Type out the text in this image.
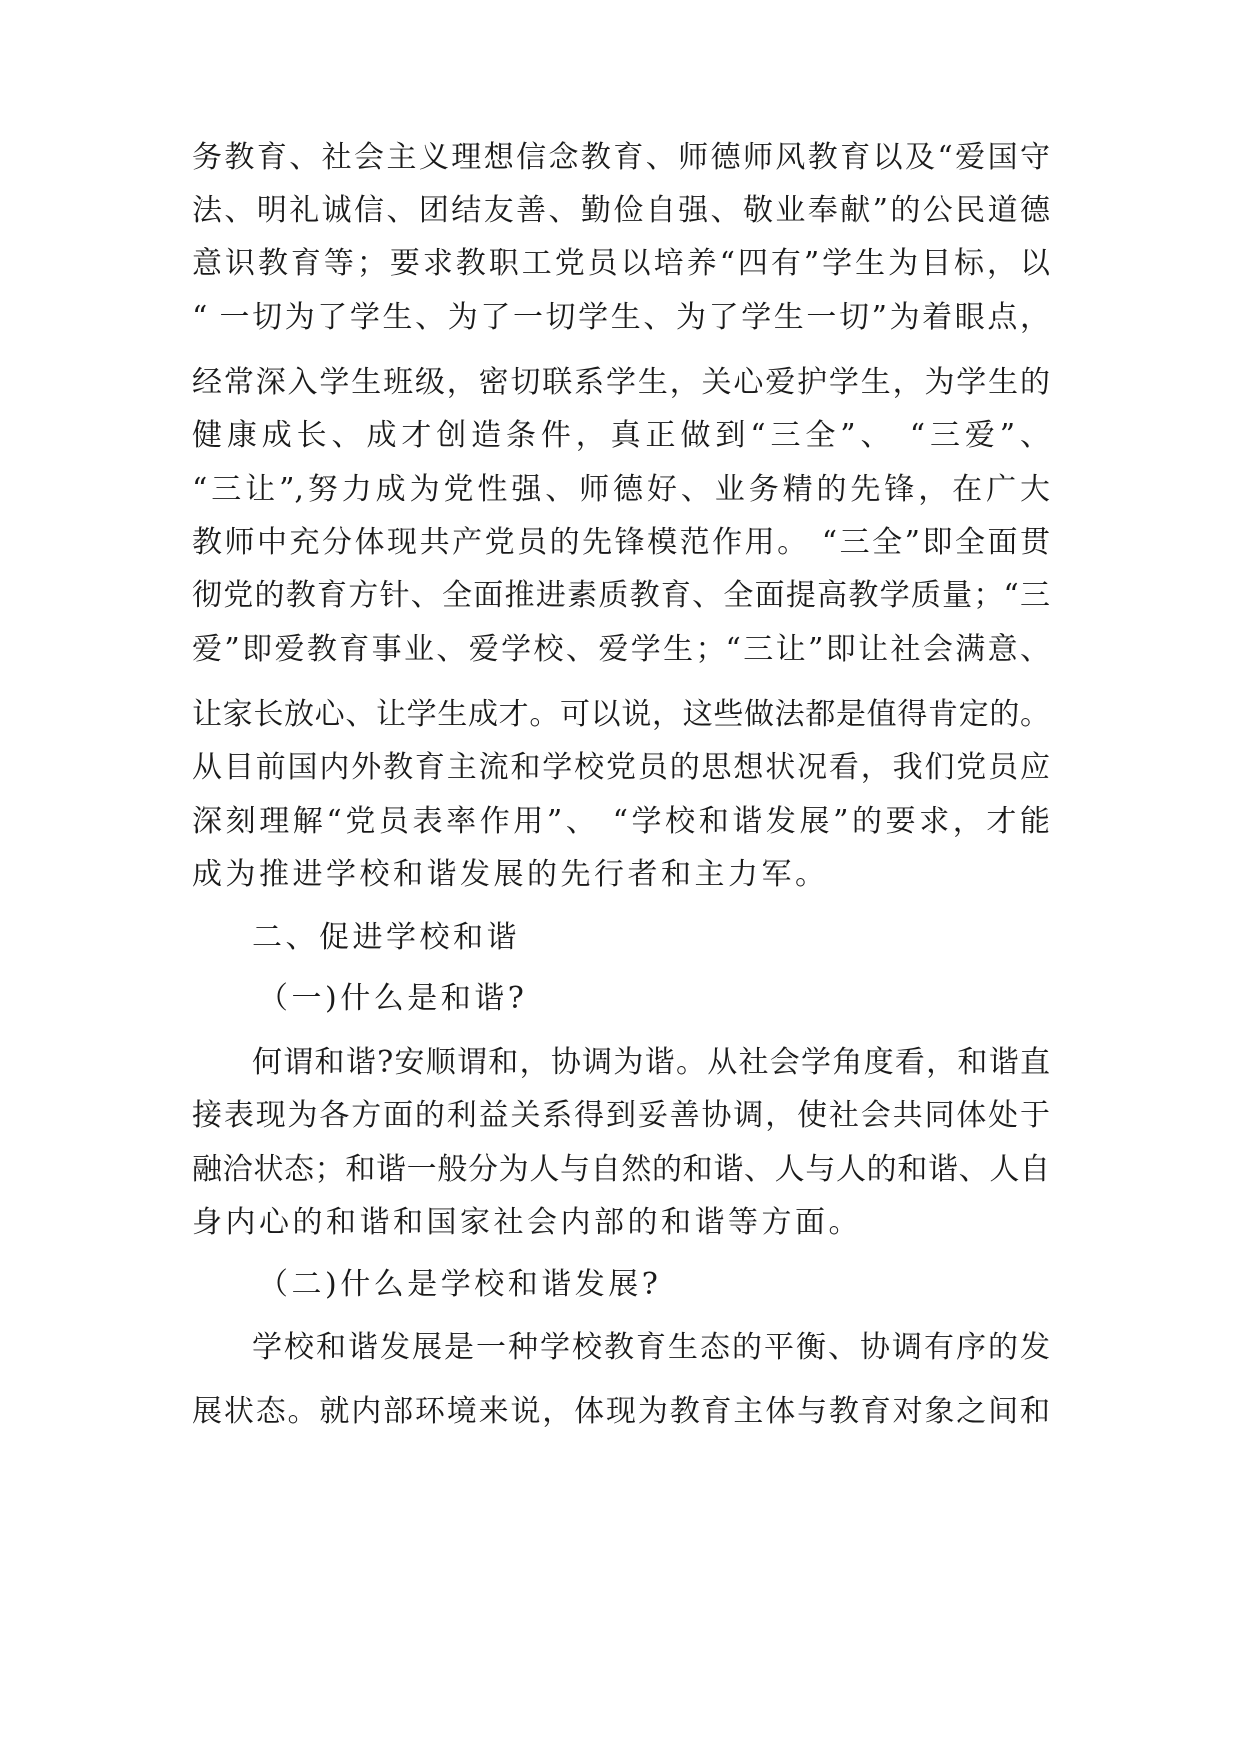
务教育、社会主义理想信念教育、师德师风教育以及“爱国守
法、明礼诚信、团结友善、勤俭自强、敬业奉献”的公民道德
意识教育等；要求教职工党员以培养“四有”学生为目标，以
“ 一切为了学生、为了一切学生、为了学生一切”为着眼点，
经常深入学生班级，密切联系学生，关心爱护学生，为学生的
健康成长、成才创造条件，真正做到“三全”、 “三爱”、
“三让”,努力成为党性强、师德好、业务精的先锋，在广大
教师中充分体现共产党员的先锋模范作用。 “三全”即全面贯
彻党的教育方针、全面推进素质教育、全面提高教学质量；“三
爱”即爱教育事业、爱学校、爱学生；“三让”即让社会满意、
让家长放心、让学生成才。可以说，这些做法都是值得肯定的。
从目前国内外教育主流和学校党员的思想状况看，我们党员应
深刻理解“党员表率作用”、 “学校和谐发展”的要求，才能
成为推进学校和谐发展的先行者和主力军。
二、促进学校和谐
（一)什么是和谐?
何谓和谐?安顺谓和，协调为谐。从社会学角度看，和谐直
接表现为各方面的利益关系得到妥善协调，使社会共同体处于
融洽状态；和谐一般分为人与自然的和谐、人与人的和谐、人自
身内心的和谐和国家社会内部的和谐等方面。
（二)什么是学校和谐发展?
学校和谐发展是一种学校教育生态的平衡、协调有序的发
展状态。就内部环境来说，体现为教育主体与教育对象之间和
